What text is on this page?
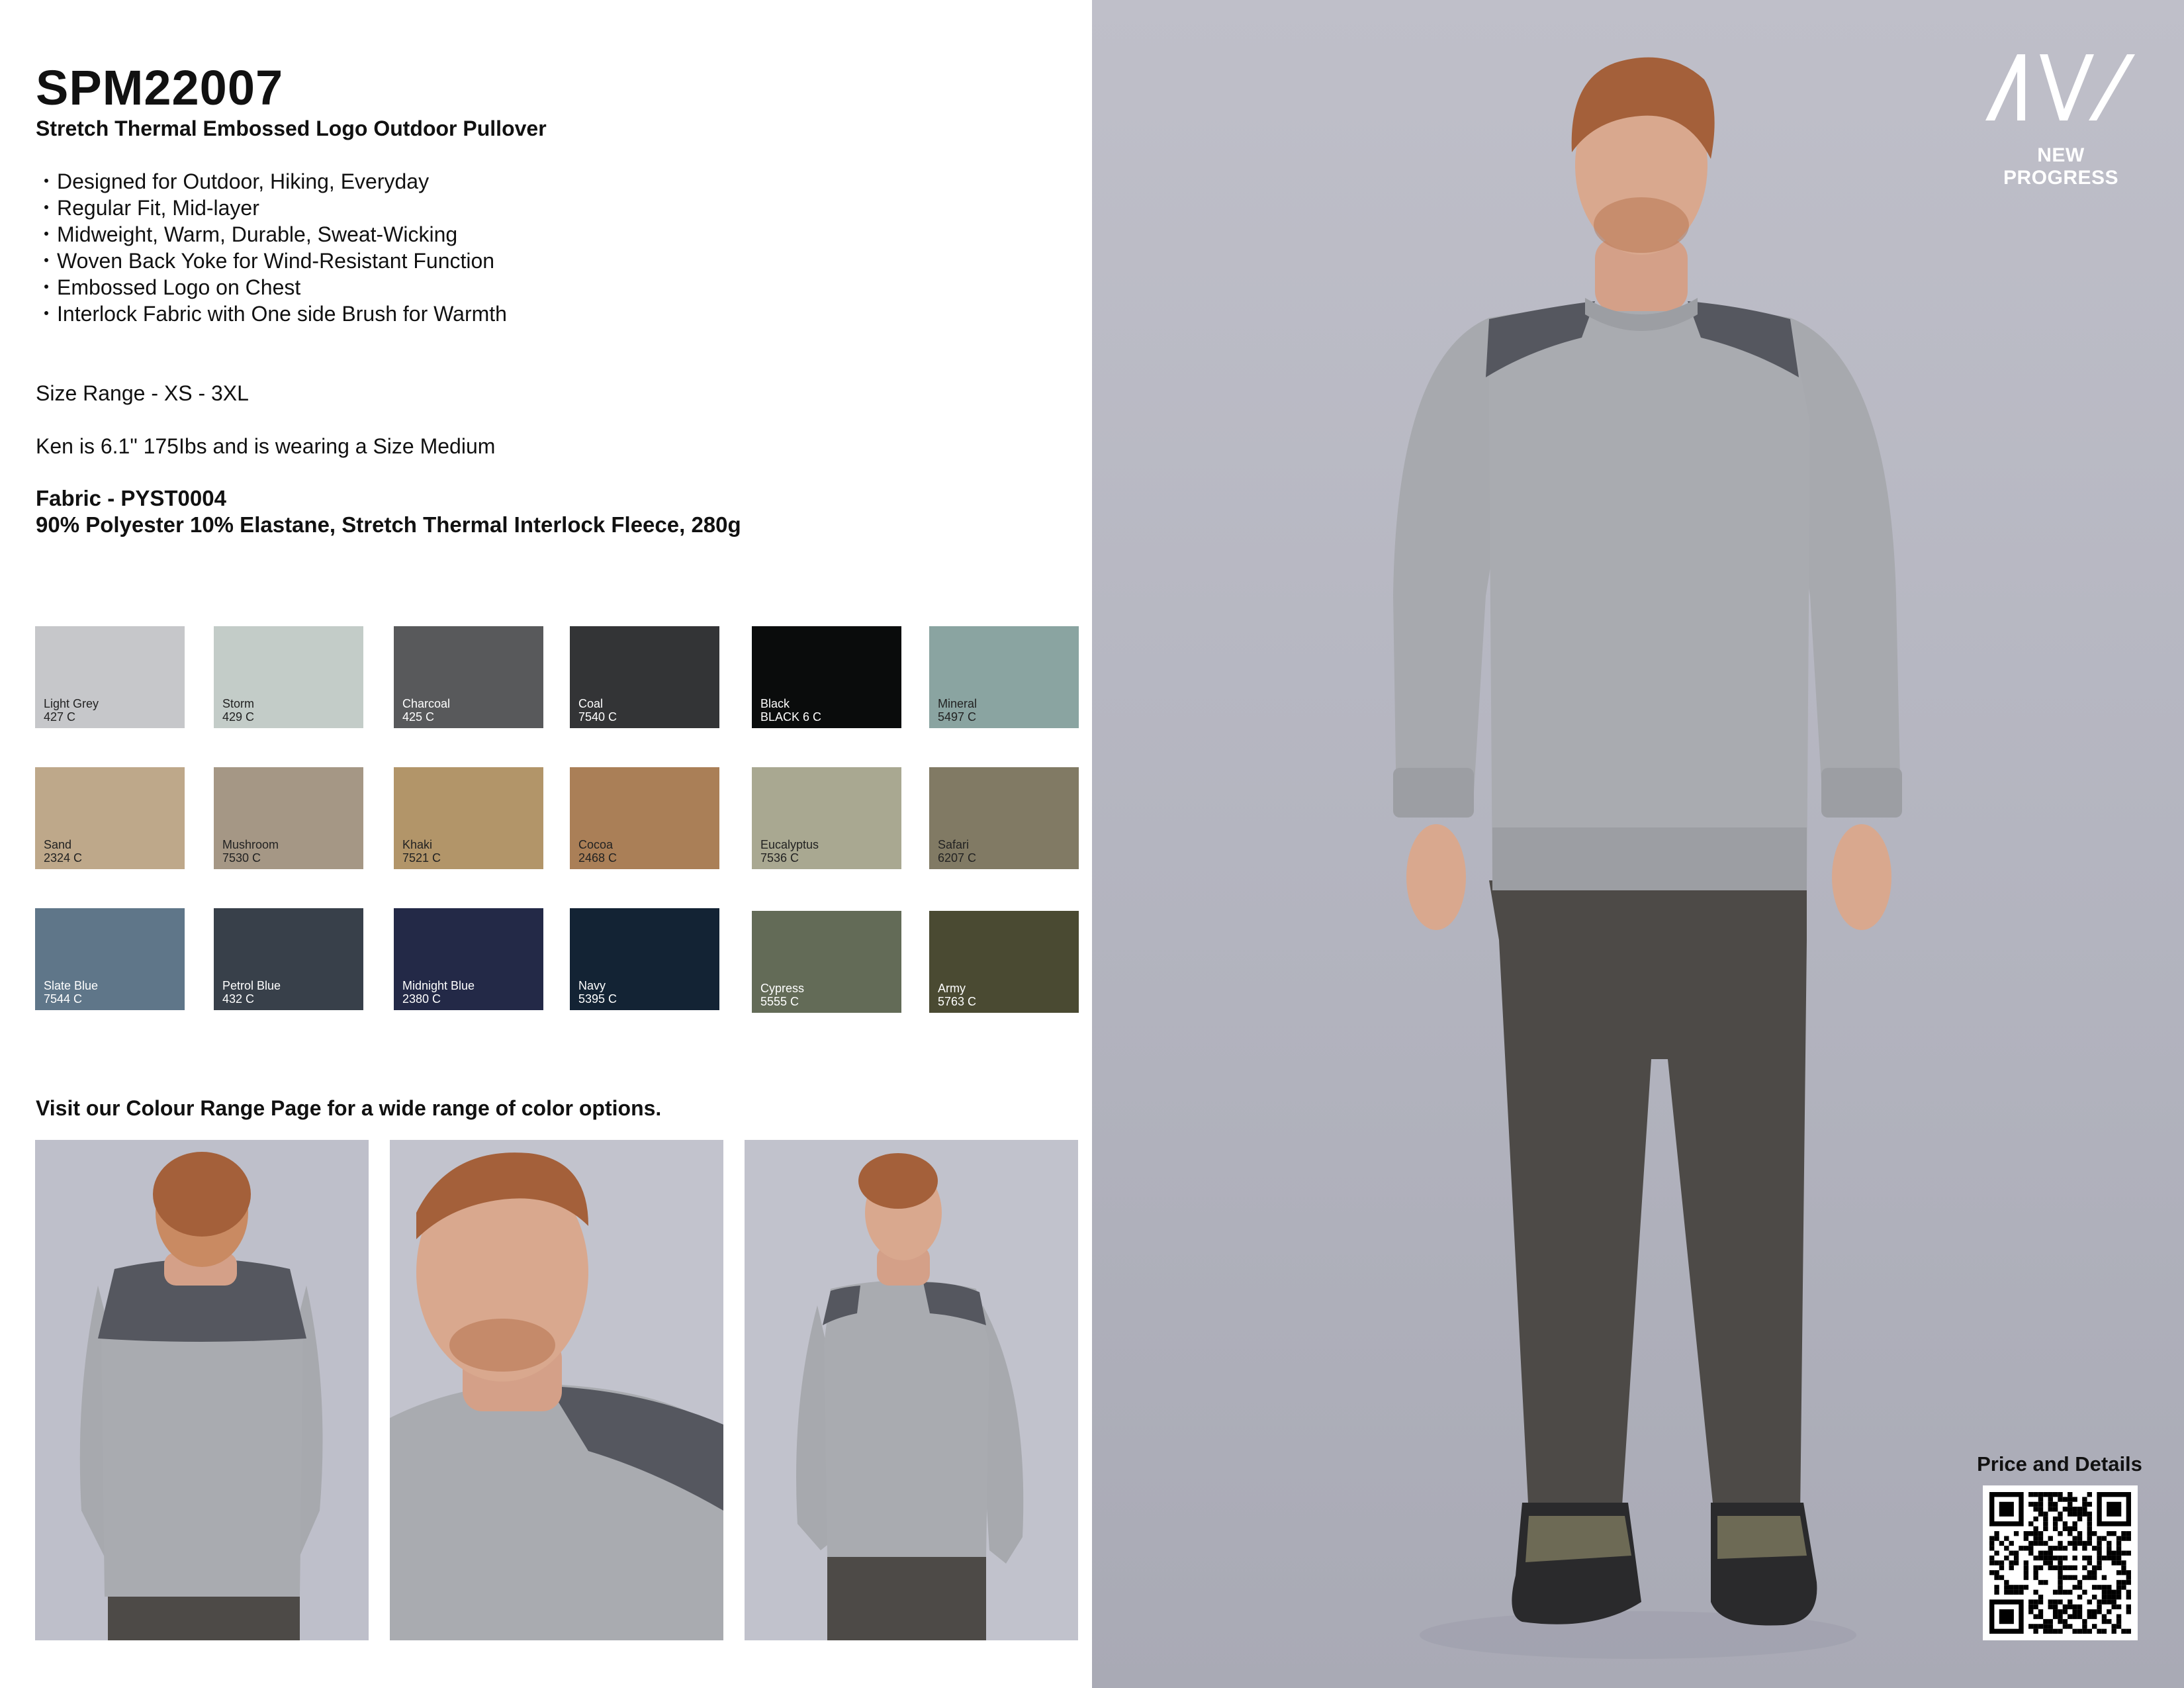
SPM22007
Stretch Thermal Embossed Logo Outdoor Pullover
・ Designed for Outdoor, Hiking, Everyday
・ Regular Fit, Mid-layer
・ Midweight, Warm, Durable, Sweat-Wicking
・ Woven Back Yoke for Wind-Resistant Function
・ Embossed Logo on Chest
・ Interlock Fabric with One side Brush for Warmth
Size Range - XS - 3XL
Ken is 6.1" 175Ibs and is wearing a Size Medium
Fabric - PYST0004
90% Polyester 10% Elastane, Stretch Thermal Interlock Fleece, 280g
Light Grey
427 C
Storm
429 C
Charcoal
425 C
Coal
7540 C
Black
BLACK 6 C
Mineral
5497 C
Sand
2324 C
Mushroom
7530 C
Khaki
7521 C
Cocoa
2468 C
Eucalyptus
7536 C
Safari
6207 C
Slate Blue
7544 C
Petrol Blue
432 C
Midnight Blue
2380 C
Navy
5395 C
Cypress
5555 C
Army
5763 C
Visit our Colour Range Page for a wide range of color options.
NEW PROGRESS
Price and Details
